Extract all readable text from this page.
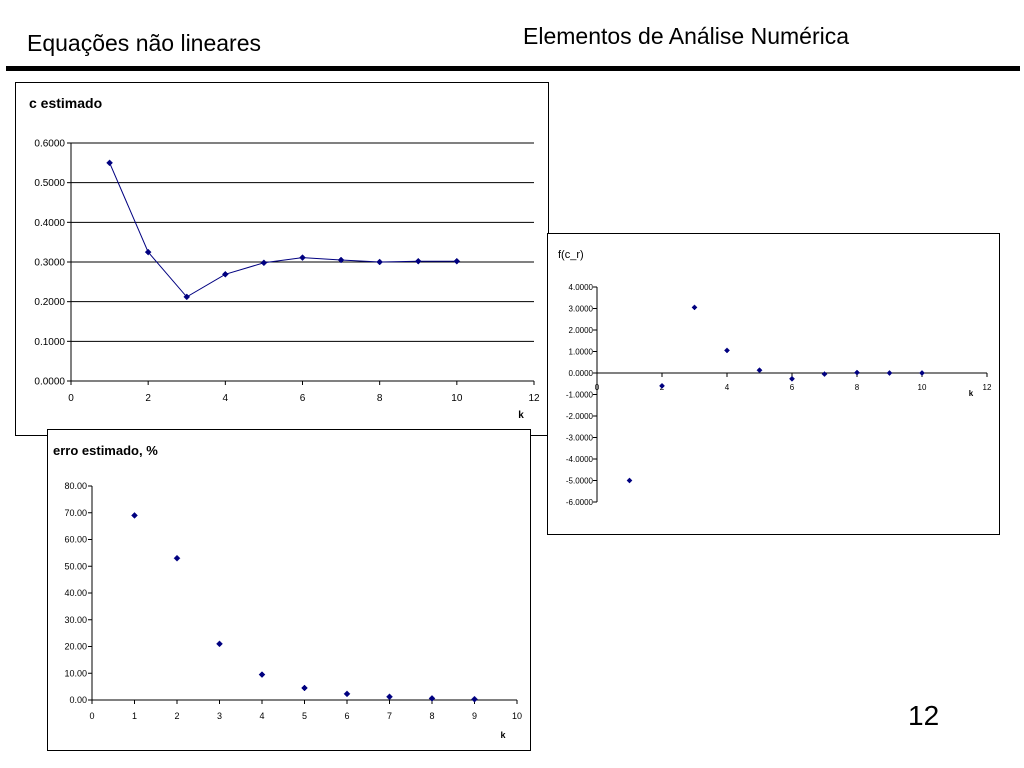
Equações não lineares	Elementos de Análise Numérica
c estimado
0.0000
0.1000
0.2000
0.3000
0.4000
0.5000
0.6000
0	2	4	6	8	10	12
k
erro estimado, %
0.00
10.00
20.00
30.00
40.00
50.00
60.00
70.00
80.00
0	1	2	3	4	5	6	7	8	9	10
k
f(c_r)
-6.0000
-5.0000
-4.0000
-3.0000
-2.0000
-1.0000
0.0000
1.0000
2.0000
3.0000
4.0000
0	4	6	8	10	12
k
12
